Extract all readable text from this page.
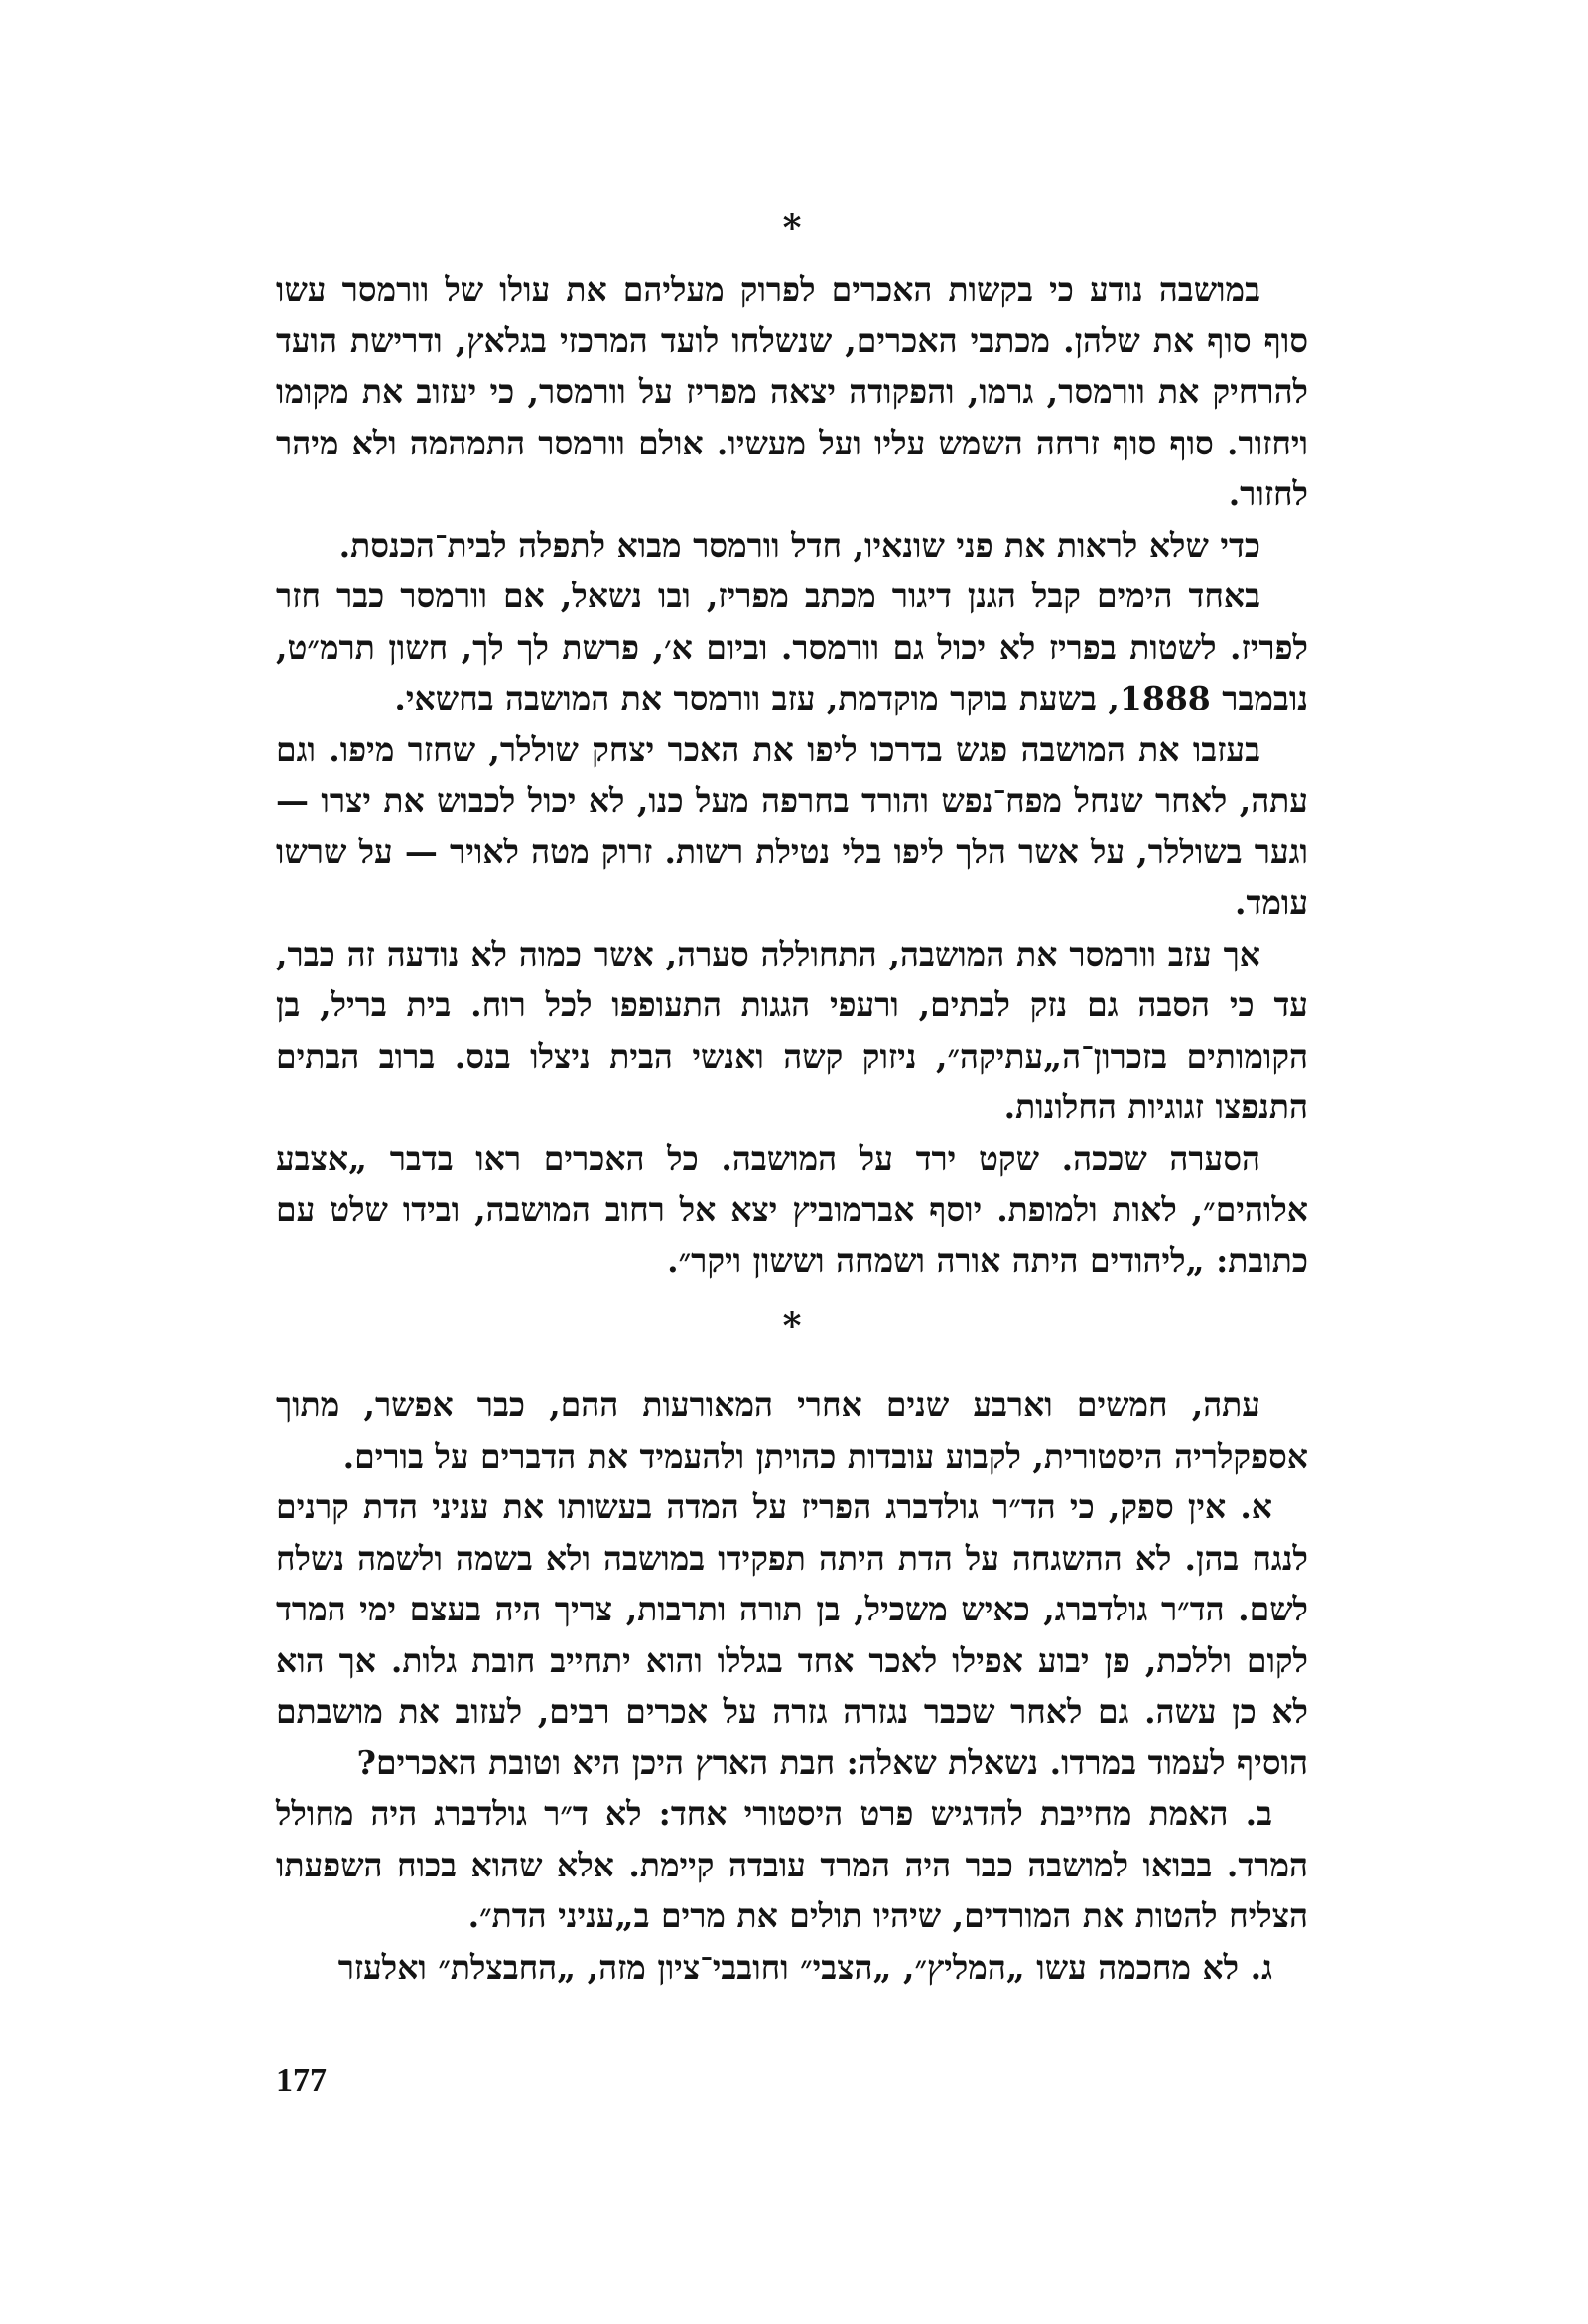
*

במושבה נודע כי בקשות האכרים לפרוק מעליהם את עולו של וורמסר עשו סוף סוף את שלהן. מכתבי האכרים, שנשלחו לועד המרכזי בגלאץ, ודרישת הועד להרחיק את וורמסר, גרמו, והפקודה יצאה מפריז על וורמסר, כי יעזוב את מקומו ויחזור. סוף סוף זרחה השמש עליו ועל מעשיו. אולם וורמסר התמהמה ולא מיהר לחזור.

כדי שלא לראות את פני שונאיו, חדל וורמסר מבוא לתפלה לבית־הכנסת.

באחד הימים קבל הגנן דיגור מכתב מפריז, ובו נשאל, אם וורמסר כבר חזר לפריז. לשטות בפריז לא יכול גם וורמסר. וביום א׳, פרשת לך לך, חשון תרמ״ט, נובמבר 1888, בשעת בוקר מוקדמת, עזב וורמסר את המושבה בחשאי.

בעזבו את המושבה פגש בדרכו ליפו את האכר יצחק שוללר, שחזר מיפו. וגם עתה, לאחר שנחל מפח־נפש והורד בחרפה מעל כנו, לא יכול לכבוש את יצרו — וגער בשוללר, על אשר הלך ליפו בלי נטילת רשות. זרוק מטה לאויר — על שרשו עומד.

אך עזב וורמסר את המושבה, התחוללה סערה, אשר כמוה לא נודעה זה כבר, עד כי הסבה גם נזק לבתים, ורעפי הגגות התעופפו לכל רוח. בית בריל, בן הקומותים בזכרון־ה„עתיקה״, ניזוק קשה ואנשי הבית ניצלו בנס. ברוב הבתים התנפצו זגוגיות החלונות.

הסערה שככה. שקט ירד על המושבה. כל האכרים ראו בדבר „אצבע אלוהים״, לאות ולמופת. יוסף אברמוביץ יצא אל רחוב המושבה, ובידו שלט עם כתובת: „ליהודים היתה אורה ושמחה וששון ויקר״.

*

עתה, חמשים וארבע שנים אחרי המאורעות ההם, כבר אפשר, מתוך אספקלריה היסטורית, לקבוע עובדות כהויתן ולהעמיד את הדברים על בורים.

א. אין ספק, כי הד״ר גולדברג הפריז על המדה בעשותו את עניני הדת קרנים לנגח בהן. לא ההשגחה על הדת היתה תפקידו במושבה ולא בשמה ולשמה נשלח לשם. הד״ר גולדברג, כאיש משכיל, בן תורה ותרבות, צריך היה בעצם ימי המרד לקום וללכת, פן יבוע אפילו לאכר אחד בגללו והוא יתחייב חובת גלות. אך הוא לא כן עשה. גם לאחר שכבר נגזרה גזרה על אכרים רבים, לעזוב את מושבתם הוסיף לעמוד במרדו. נשאלת שאלה: חבת הארץ היכן היא וטובת האכרים?

ב. האמת מחייבת להדגיש פרט היסטורי אחד: לא ד״ר גולדברג היה מחולל המרד. בבואו למושבה כבר היה המרד עובדה קיימת. אלא שהוא בכוח השפעתו הצליח להטות את המורדים, שיהיו תולים את מרים ב„עניני הדת״.

ג. לא מחכמה עשו „המליץ״, „הצבי״ וחובבי־ציון מזה, „החבצלת״ ואלעזר

177
